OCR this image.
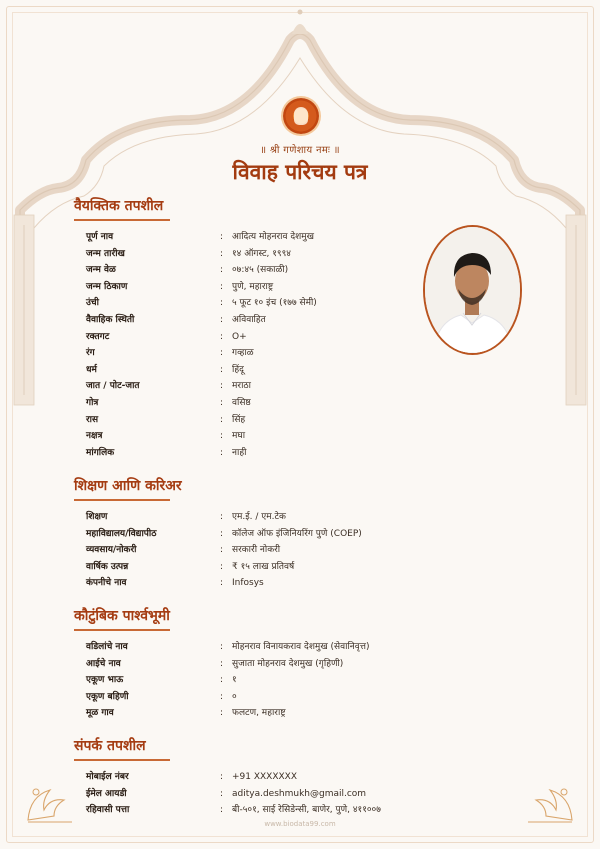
॥ श्री गणेशाय नमः ॥
विवाह परिचय पत्र
वैयक्तिक तपशील
पूर्ण नाव	: आदित्य मोहनराव देशमुख
जन्म तारीख	: १४ ऑगस्ट, १९९४
जन्म वेळ	: ०७:४५ (सकाळी)
जन्म ठिकाण	: पुणे, महाराष्ट्र
उंची	: ५ फूट १० इंच (१७७ सेमी)
वैवाहिक स्थिती	: अविवाहित
रक्तगट	: O+
रंग	: गव्हाळ
धर्म	: हिंदू
जात / पोट-जात	: मराठा
गोत्र	: वसिष्ठ
रास	: सिंह
नक्षत्र	: मघा
मांगलिक	: नाही
शिक्षण आणि करिअर
शिक्षण	: एम.ई. / एम.टेक
महाविद्यालय/विद्यापीठ	: कॉलेज ऑफ इंजिनियरिंग पुणे (COEP)
व्यवसाय/नोकरी	: सरकारी नोकरी
वार्षिक उत्पन्न	: ₹ १५ लाख प्रतिवर्ष
कंपनीचे नाव	: Infosys
कौटुंबिक पार्श्वभूमी
वडिलांचे नाव	: मोहनराव विनायकराव देशमुख (सेवानिवृत्त)
आईचे नाव	: सुजाता मोहनराव देशमुख (गृहिणी)
एकूण भाऊ	: १
एकूण बहिणी	: ०
मूळ गाव	: फलटण, महाराष्ट्र
संपर्क तपशील
मोबाईल नंबर	: +91 XXXXXXX
ईमेल आयडी	: aditya.deshmukh@gmail.com
रहिवासी पत्ता	: बी-५०१, साई रेसिडेन्सी, बाणेर, पुणे, ४११००७
www.biodata99.com
